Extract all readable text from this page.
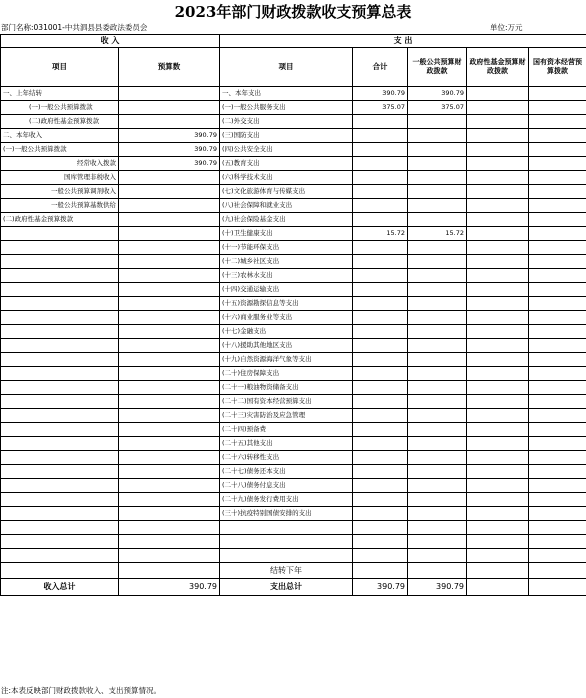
2023年部门财政拨款收支预算总表
部门名称:031001-中共泗县县委政法委员会	单位:万元
收 入		支 出				
项目	预算数	项目	合计	一般公共预算财政拨款	政府性基金预算财政拨款	国有资本经营预算拨款
一、上年结转		一、本年支出	390.79	390.79		
(一)一般公共预算拨款		(一)一般公共服务支出	375.07	375.07		
(二)政府性基金预算拨款		(二)外交支出				
二、本年收入	390.79	(三)国防支出				
(一)一般公共预算拨款	390.79	(四)公共安全支出				
经常收入拨款	390.79	(五)教育支出				
国库管理非税收入		(六)科学技术支出				
一般公共预算调剂收入		(七)文化旅游体育与传媒支出				
一般公共预算基数供给		(八)社会保障和就业支出				
(二)政府性基金预算拨款		(九)社会保险基金支出				
		(十)卫生健康支出	15.72	15.72		
		(十一)节能环保支出				
		(十二)城乡社区支出				
		(十三)农林水支出				
		(十四)交通运输支出				
		(十五)资源勘探信息等支出				
		(十六)商业服务业等支出				
		(十七)金融支出				
		(十八)援助其他地区支出				
		(十九)自然资源海洋气象等支出				
		(二十)住房保障支出				
		(二十一)粮油物资储备支出				
		(二十二)国有资本经营预算支出				
		(二十三)灾害防治及应急管理				
		(二十四)预备费				
		(二十五)其他支出				
		(二十六)转移性支出				
		(二十七)债务还本支出				
		(二十八)债务付息支出				
		(二十九)债务发行费用支出				
		(三十)抗疫特别国债安排的支出				

		结转下年				
收入总计	390.79	支出总计	390.79	390.79		
注:本表反映部门财政拨款收入、支出预算情况。
